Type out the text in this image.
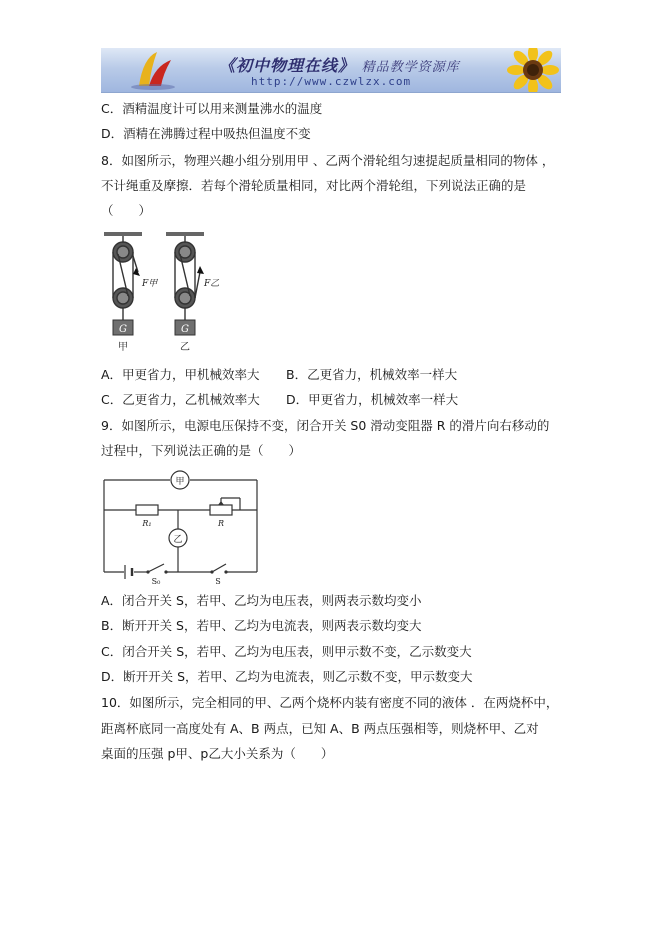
《初中物理在线》 精品教学资源库
http://www.czwlzx.com
C．酒精温度计可以用来测量沸水的温度
D．酒精在沸腾过程中吸热但温度不变
8．如图所示，物理兴趣小组分别用甲 、乙两个滑轮组匀速提起质量相同的物体 ，
不计绳重及摩擦．若每个滑轮质量相同，对比两个滑轮组，下列说法正确的是
（　　）
F甲
G
甲
F乙
G
乙
A．甲更省力，甲机械效率大 B．乙更省力，机械效率一样大
C．乙更省力，乙机械效率大 D．甲更省力，机械效率一样大
9．如图所示，电源电压保持不变，闭合开关 S0 滑动变阻器 R 的滑片向右移动的
过程中，下列说法正确的是（　　）
甲
R₁	R
乙
S₀	S
A．闭合开关 S，若甲、乙均为电压表，则两表示数均变小
B．断开开关 S，若甲、乙均为电流表，则两表示数均变大
C．闭合开关 S，若甲、乙均为电压表，则甲示数不变，乙示数变大
D．断开开关 S，若甲、乙均为电流表，则乙示数不变，甲示数变大
10．如图所示，完全相同的甲、乙两个烧杯内装有密度不同的液体 ．在两烧杯中，
距离杯底同一高度处有 A、B 两点，已知 A、B 两点压强相等，则烧杯甲、乙对
桌面的压强 p甲、p乙大小关系为（　　）
